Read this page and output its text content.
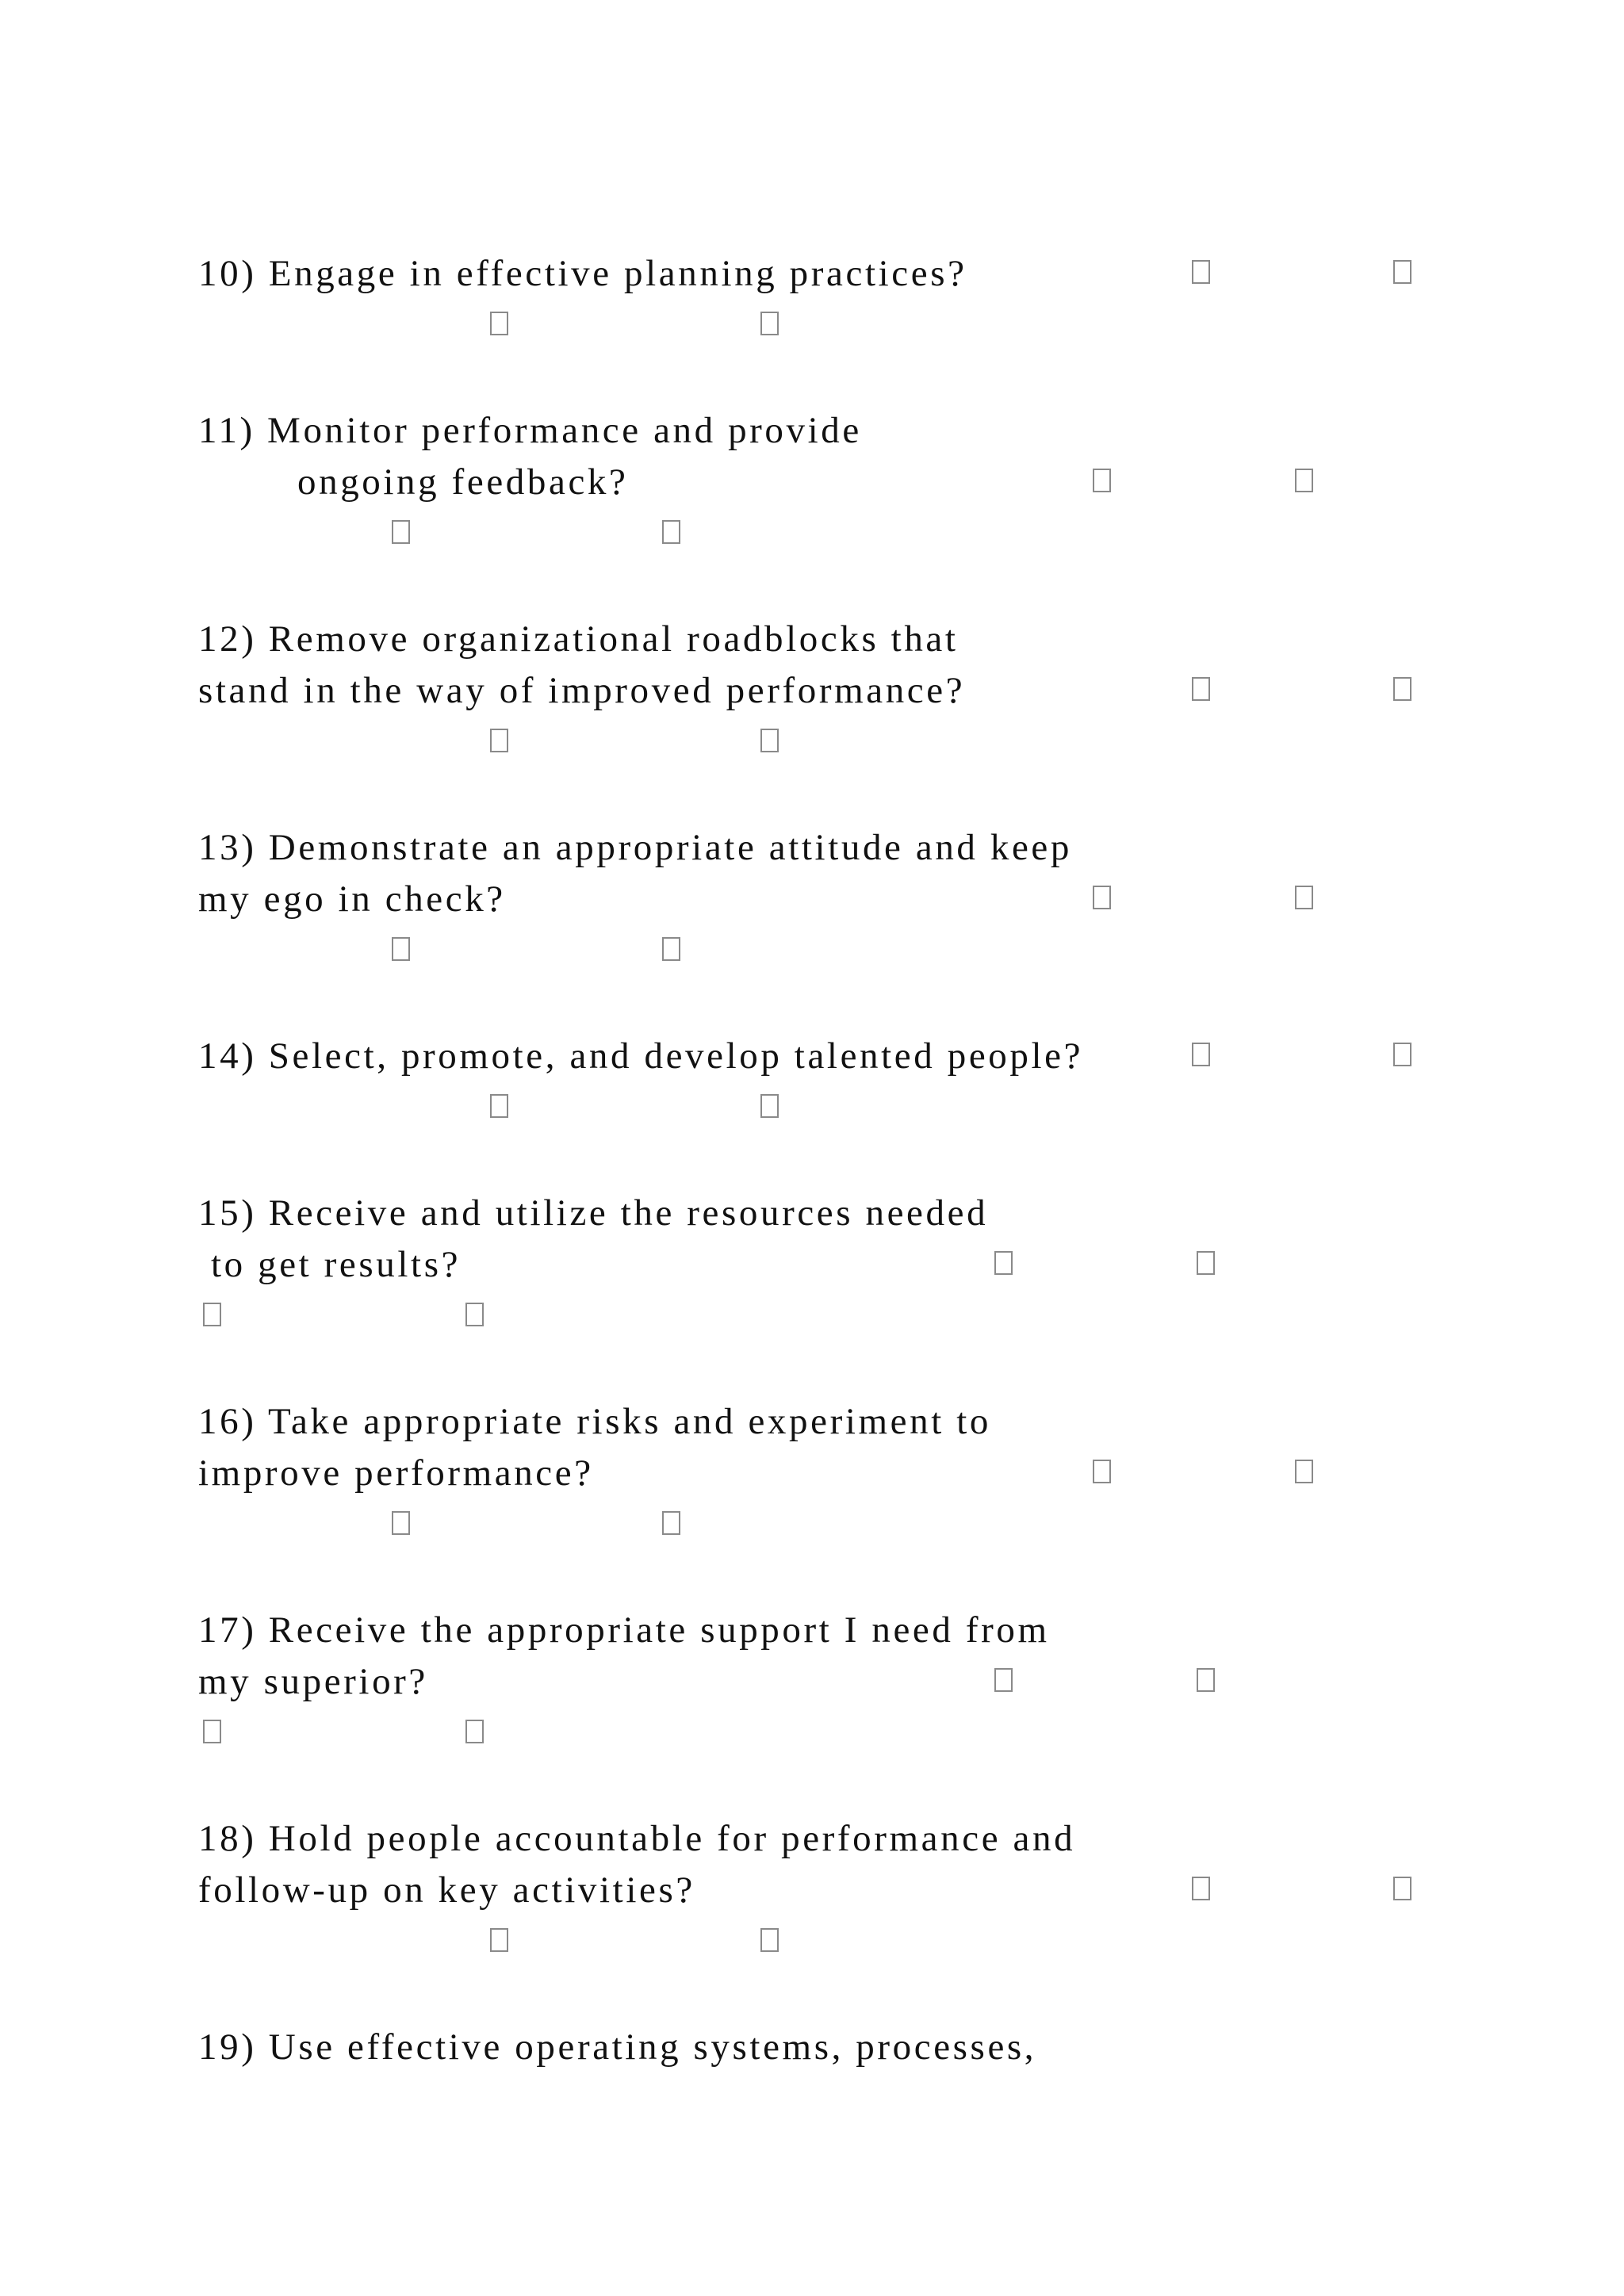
10) Engage in effective planning practices?
11) Monitor performance and provide
ongoing feedback?
12) Remove organizational roadblocks that
stand in the way of improved performance?
13) Demonstrate an appropriate attitude and keep
my ego in check?
14) Select, promote, and develop talented people?
15) Receive and utilize the resources needed
to get results?
16) Take appropriate risks and experiment to
improve performance?
17) Receive the appropriate support I need from
my superior?
18) Hold people accountable for performance and
follow-up on key activities?
19) Use effective operating systems, processes,
